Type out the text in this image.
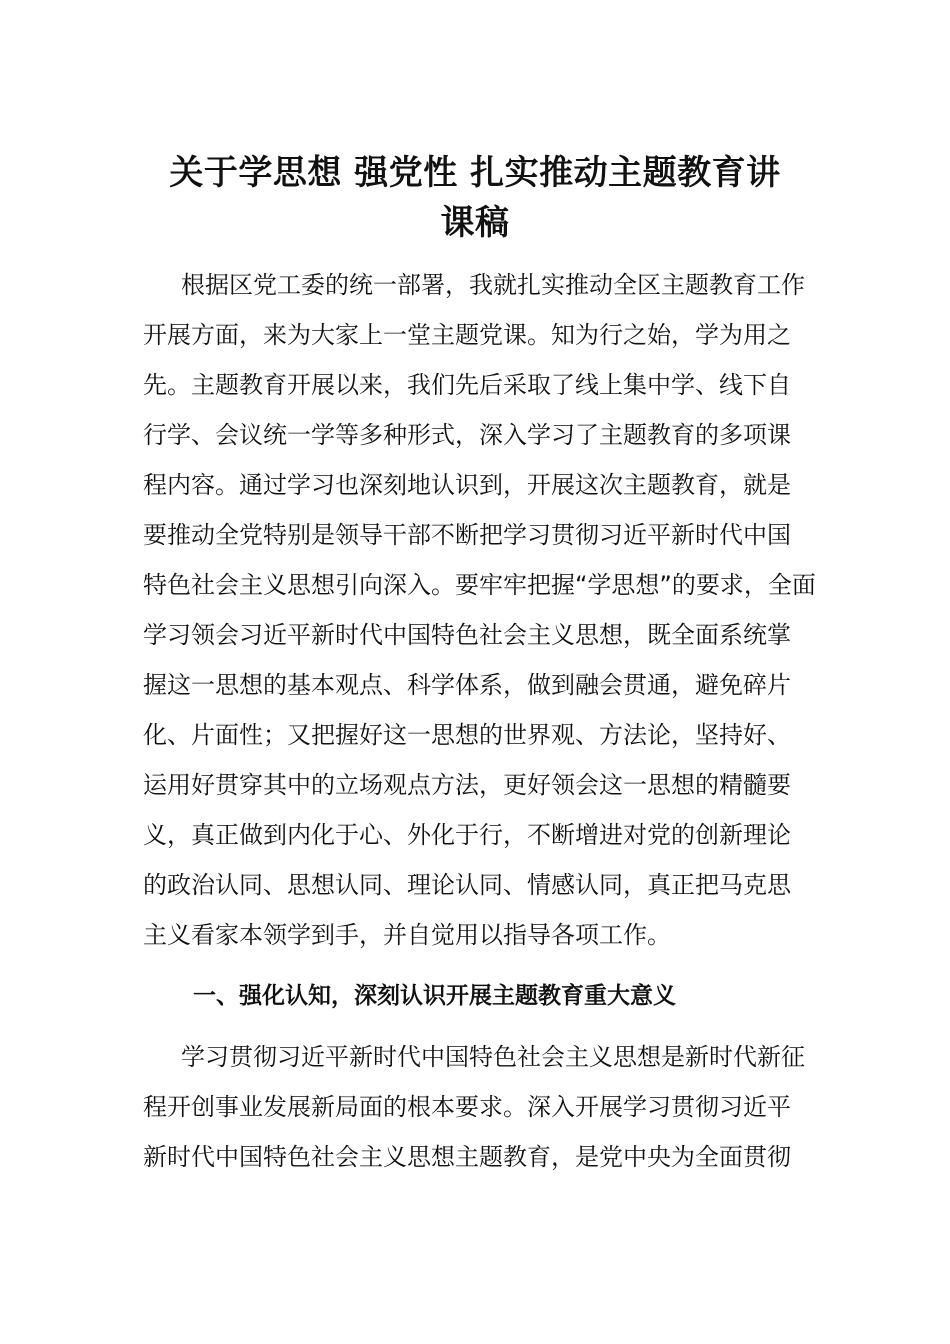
关于学思想 强党性 扎实推动主题教育讲
课稿
根据区党工委的统一部署，我就扎实推动全区主题教育工作
开展方面，来为大家上一堂主题党课。知为行之始，学为用之
先。主题教育开展以来，我们先后采取了线上集中学、线下自
行学、会议统一学等多种形式，深入学习了主题教育的多项课
程内容。通过学习也深刻地认识到，开展这次主题教育，就是
要推动全党特别是领导干部不断把学习贯彻习近平新时代中国
特色社会主义思想引向深入。要牢牢把握“学思想”的要求，全面
学习领会习近平新时代中国特色社会主义思想，既全面系统掌
握这一思想的基本观点、科学体系，做到融会贯通，避免碎片
化、片面性；又把握好这一思想的世界观、方法论，坚持好、
运用好贯穿其中的立场观点方法，更好领会这一思想的精髓要
义，真正做到内化于心、外化于行，不断增进对党的创新理论
的政治认同、思想认同、理论认同、情感认同，真正把马克思
主义看家本领学到手，并自觉用以指导各项工作。
一、强化认知，深刻认识开展主题教育重大意义
学习贯彻习近平新时代中国特色社会主义思想是新时代新征
程开创事业发展新局面的根本要求。深入开展学习贯彻习近平
新时代中国特色社会主义思想主题教育，是党中央为全面贯彻
